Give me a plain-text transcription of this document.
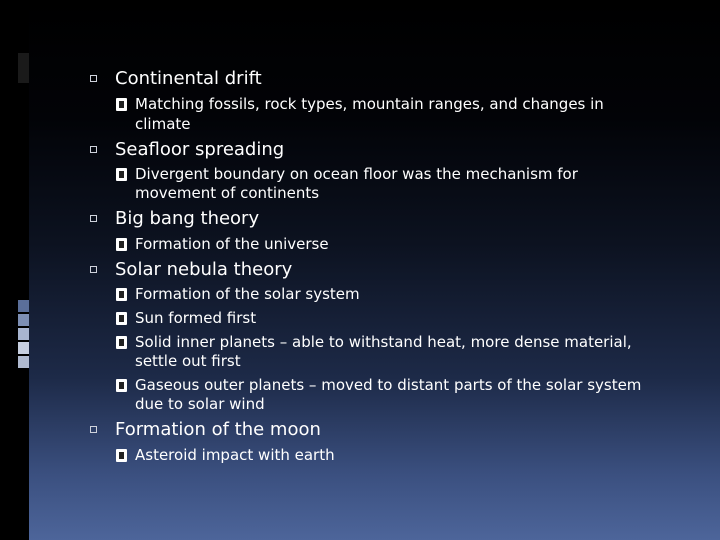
Continental drift
Matching fossils, rock types, mountain ranges, and changes in
climate
Seafloor spreading
Divergent boundary on ocean floor was the mechanism for
movement of continents
Big bang theory
Formation of the universe
Solar nebula theory
Formation of the solar system
Sun formed first
Solid inner planets – able to withstand heat, more dense material,
settle out first
Gaseous outer planets – moved to distant parts of the solar system
due to solar wind
Formation of the moon
Asteroid impact with earth
